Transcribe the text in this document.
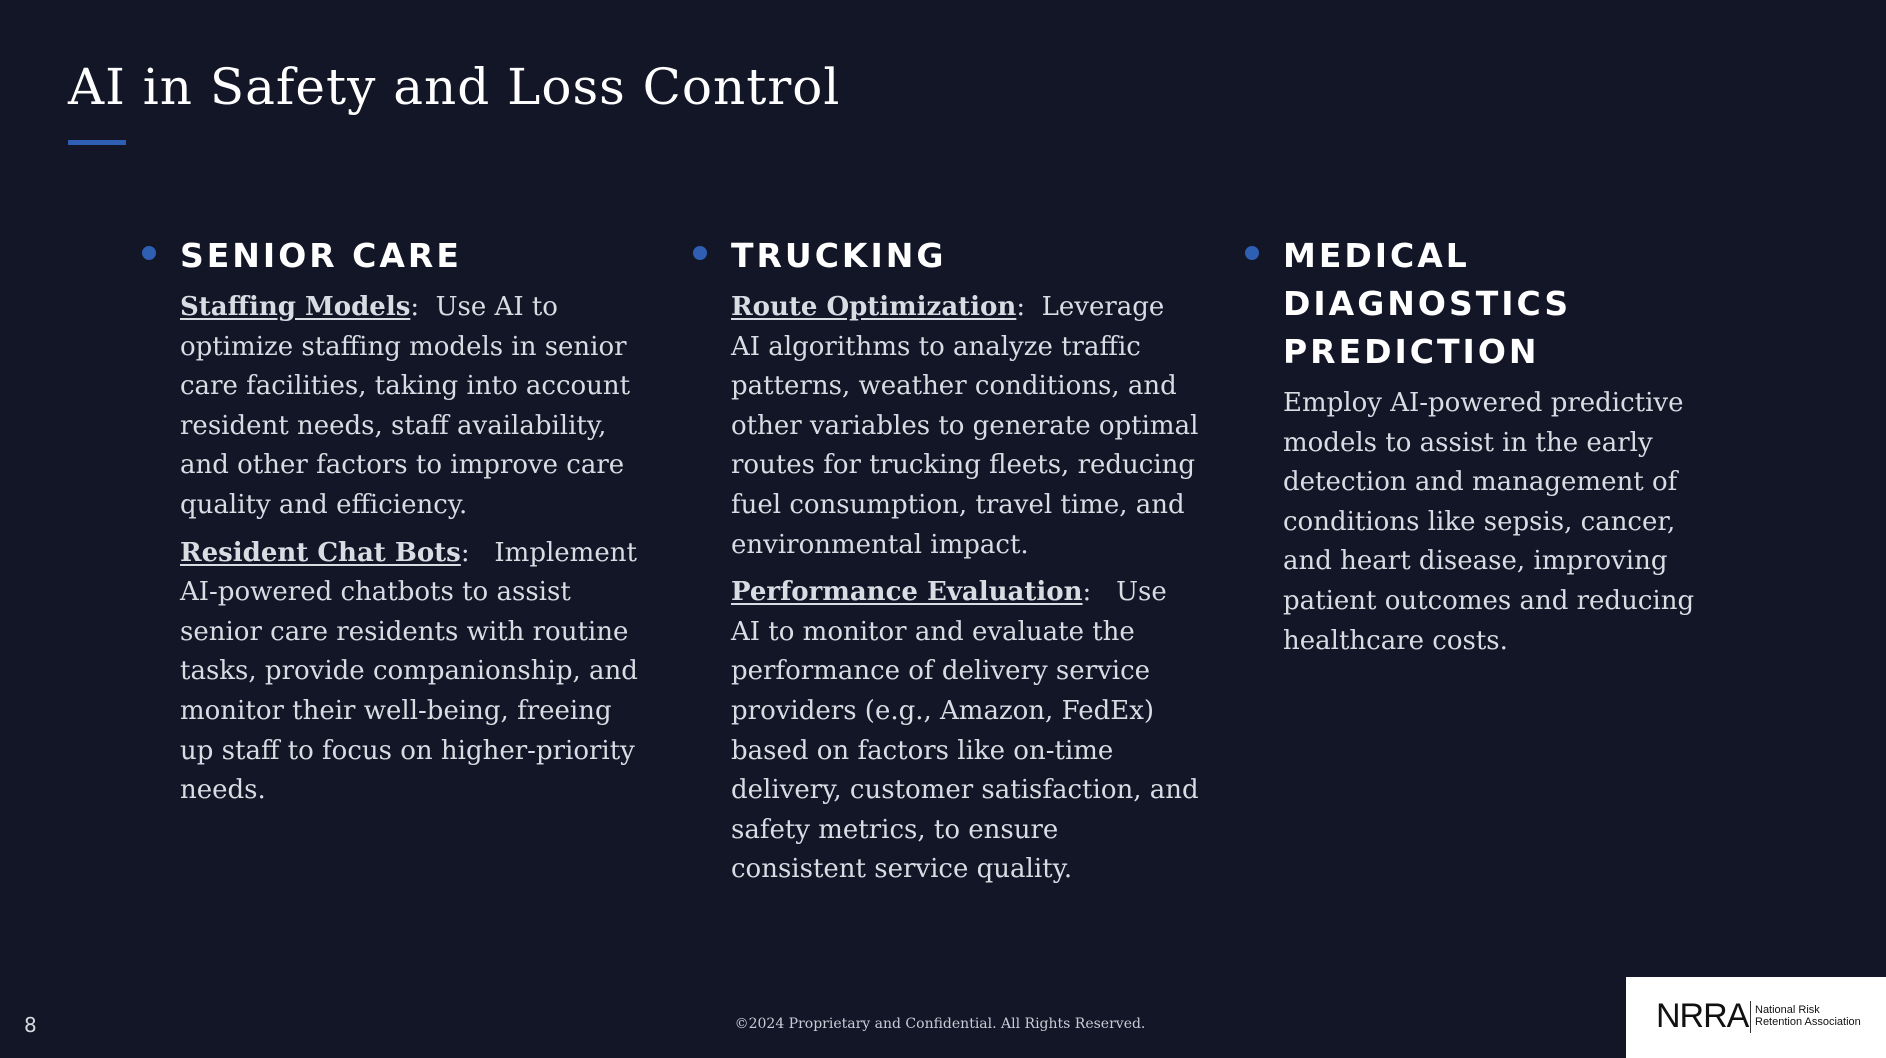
AI in Safety and Loss Control
SENIOR CARE

Staffing Models:  Use AI to optimize staffing models in senior care facilities, taking into account resident needs, staff availability, and other factors to improve care quality and efficiency.

Resident Chat Bots:   Implement AI-powered chatbots to assist senior care residents with routine tasks, provide companionship, and monitor their well-being, freeing up staff to focus on higher-priority needs.

TRUCKING

Route Optimization:  Leverage AI algorithms to analyze traffic patterns, weather conditions, and other variables to generate optimal routes for trucking fleets, reducing fuel consumption, travel time, and environmental impact.

Performance Evaluation:   Use AI to monitor and evaluate the performance of delivery service providers (e.g., Amazon, FedEx) based on factors like on-time delivery, customer satisfaction, and safety metrics, to ensure consistent service quality.

MEDICAL DIAGNOSTICS PREDICTION

Employ AI-powered predictive models to assist in the early detection and management of conditions like sepsis, cancer, and heart disease, improving patient outcomes and reducing healthcare costs.

8	©2024 Proprietary and Confidential. All Rights Reserved.	NRRA National Risk
Retention Association
